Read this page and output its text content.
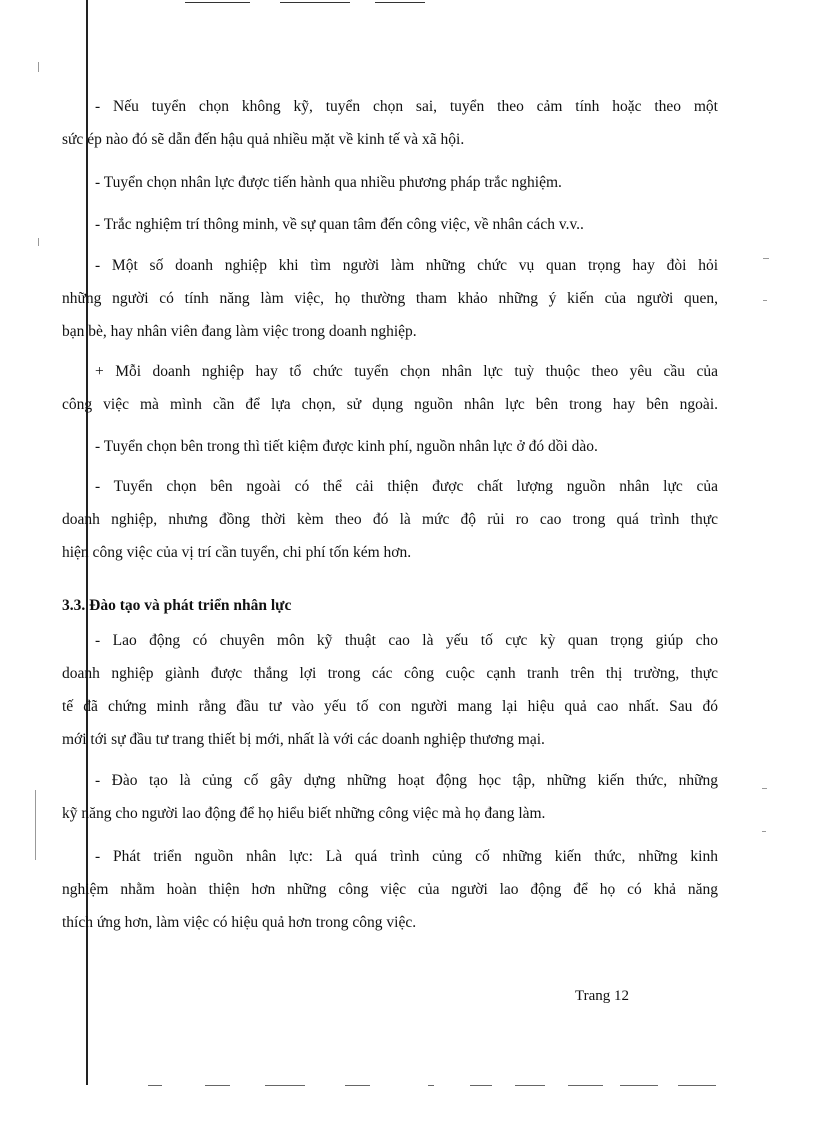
- Nếu tuyển chọn không kỹ, tuyển chọn sai, tuyển theo cảm tính hoặc theo một
sức ép nào đó sẽ dẫn đến hậu quả nhiều mặt về kinh tế và xã hội.

- Tuyển chọn nhân lực được tiến hành qua nhiều phương pháp trắc nghiệm.

- Trắc nghiệm trí thông minh, về sự quan tâm đến công việc, về nhân cách v.v..

- Một số doanh nghiệp khi tìm người làm những chức vụ quan trọng hay đòi hỏi
những người có tính năng làm việc, họ thường tham khảo những ý kiến của người quen,
bạn bè, hay nhân viên đang làm việc trong doanh nghiệp.

+ Mỗi doanh nghiệp hay tổ chức tuyển chọn nhân lực tuỳ thuộc theo yêu cầu của
công việc mà mình cần để lựa chọn, sử dụng nguồn nhân lực bên trong hay bên ngoài.

- Tuyển chọn bên trong thì tiết kiệm được kinh phí, nguồn nhân lực ở đó dồi dào.

- Tuyển chọn bên ngoài có thể cải thiện được chất lượng nguồn nhân lực của
doanh nghiệp, nhưng đồng thời kèm theo đó là mức độ rủi ro cao trong quá trình thực
hiện công việc của vị trí cần tuyển, chi phí tốn kém hơn.

3.3. Đào tạo và phát triển nhân lực

- Lao động có chuyên môn kỹ thuật cao là yếu tố cực kỳ quan trọng giúp cho
doanh nghiệp giành được thắng lợi trong các công cuộc cạnh tranh trên thị trường, thực
tế đã chứng minh rằng đầu tư vào yếu tố con người mang lại hiệu quả cao nhất. Sau đó
mới tới sự đầu tư trang thiết bị mới, nhất là với các doanh nghiệp thương mại.

- Đào tạo là củng cố gây dựng những hoạt động học tập, những kiến thức, những
kỹ năng cho người lao động để họ hiểu biết những công việc mà họ đang làm.

- Phát triển nguồn nhân lực: Là quá trình củng cố những kiến thức, những kinh
nghiệm nhằm hoàn thiện hơn những công việc của người lao động để họ có khả năng
thích ứng hơn, làm việc có hiệu quả hơn trong công việc.

Trang 12
